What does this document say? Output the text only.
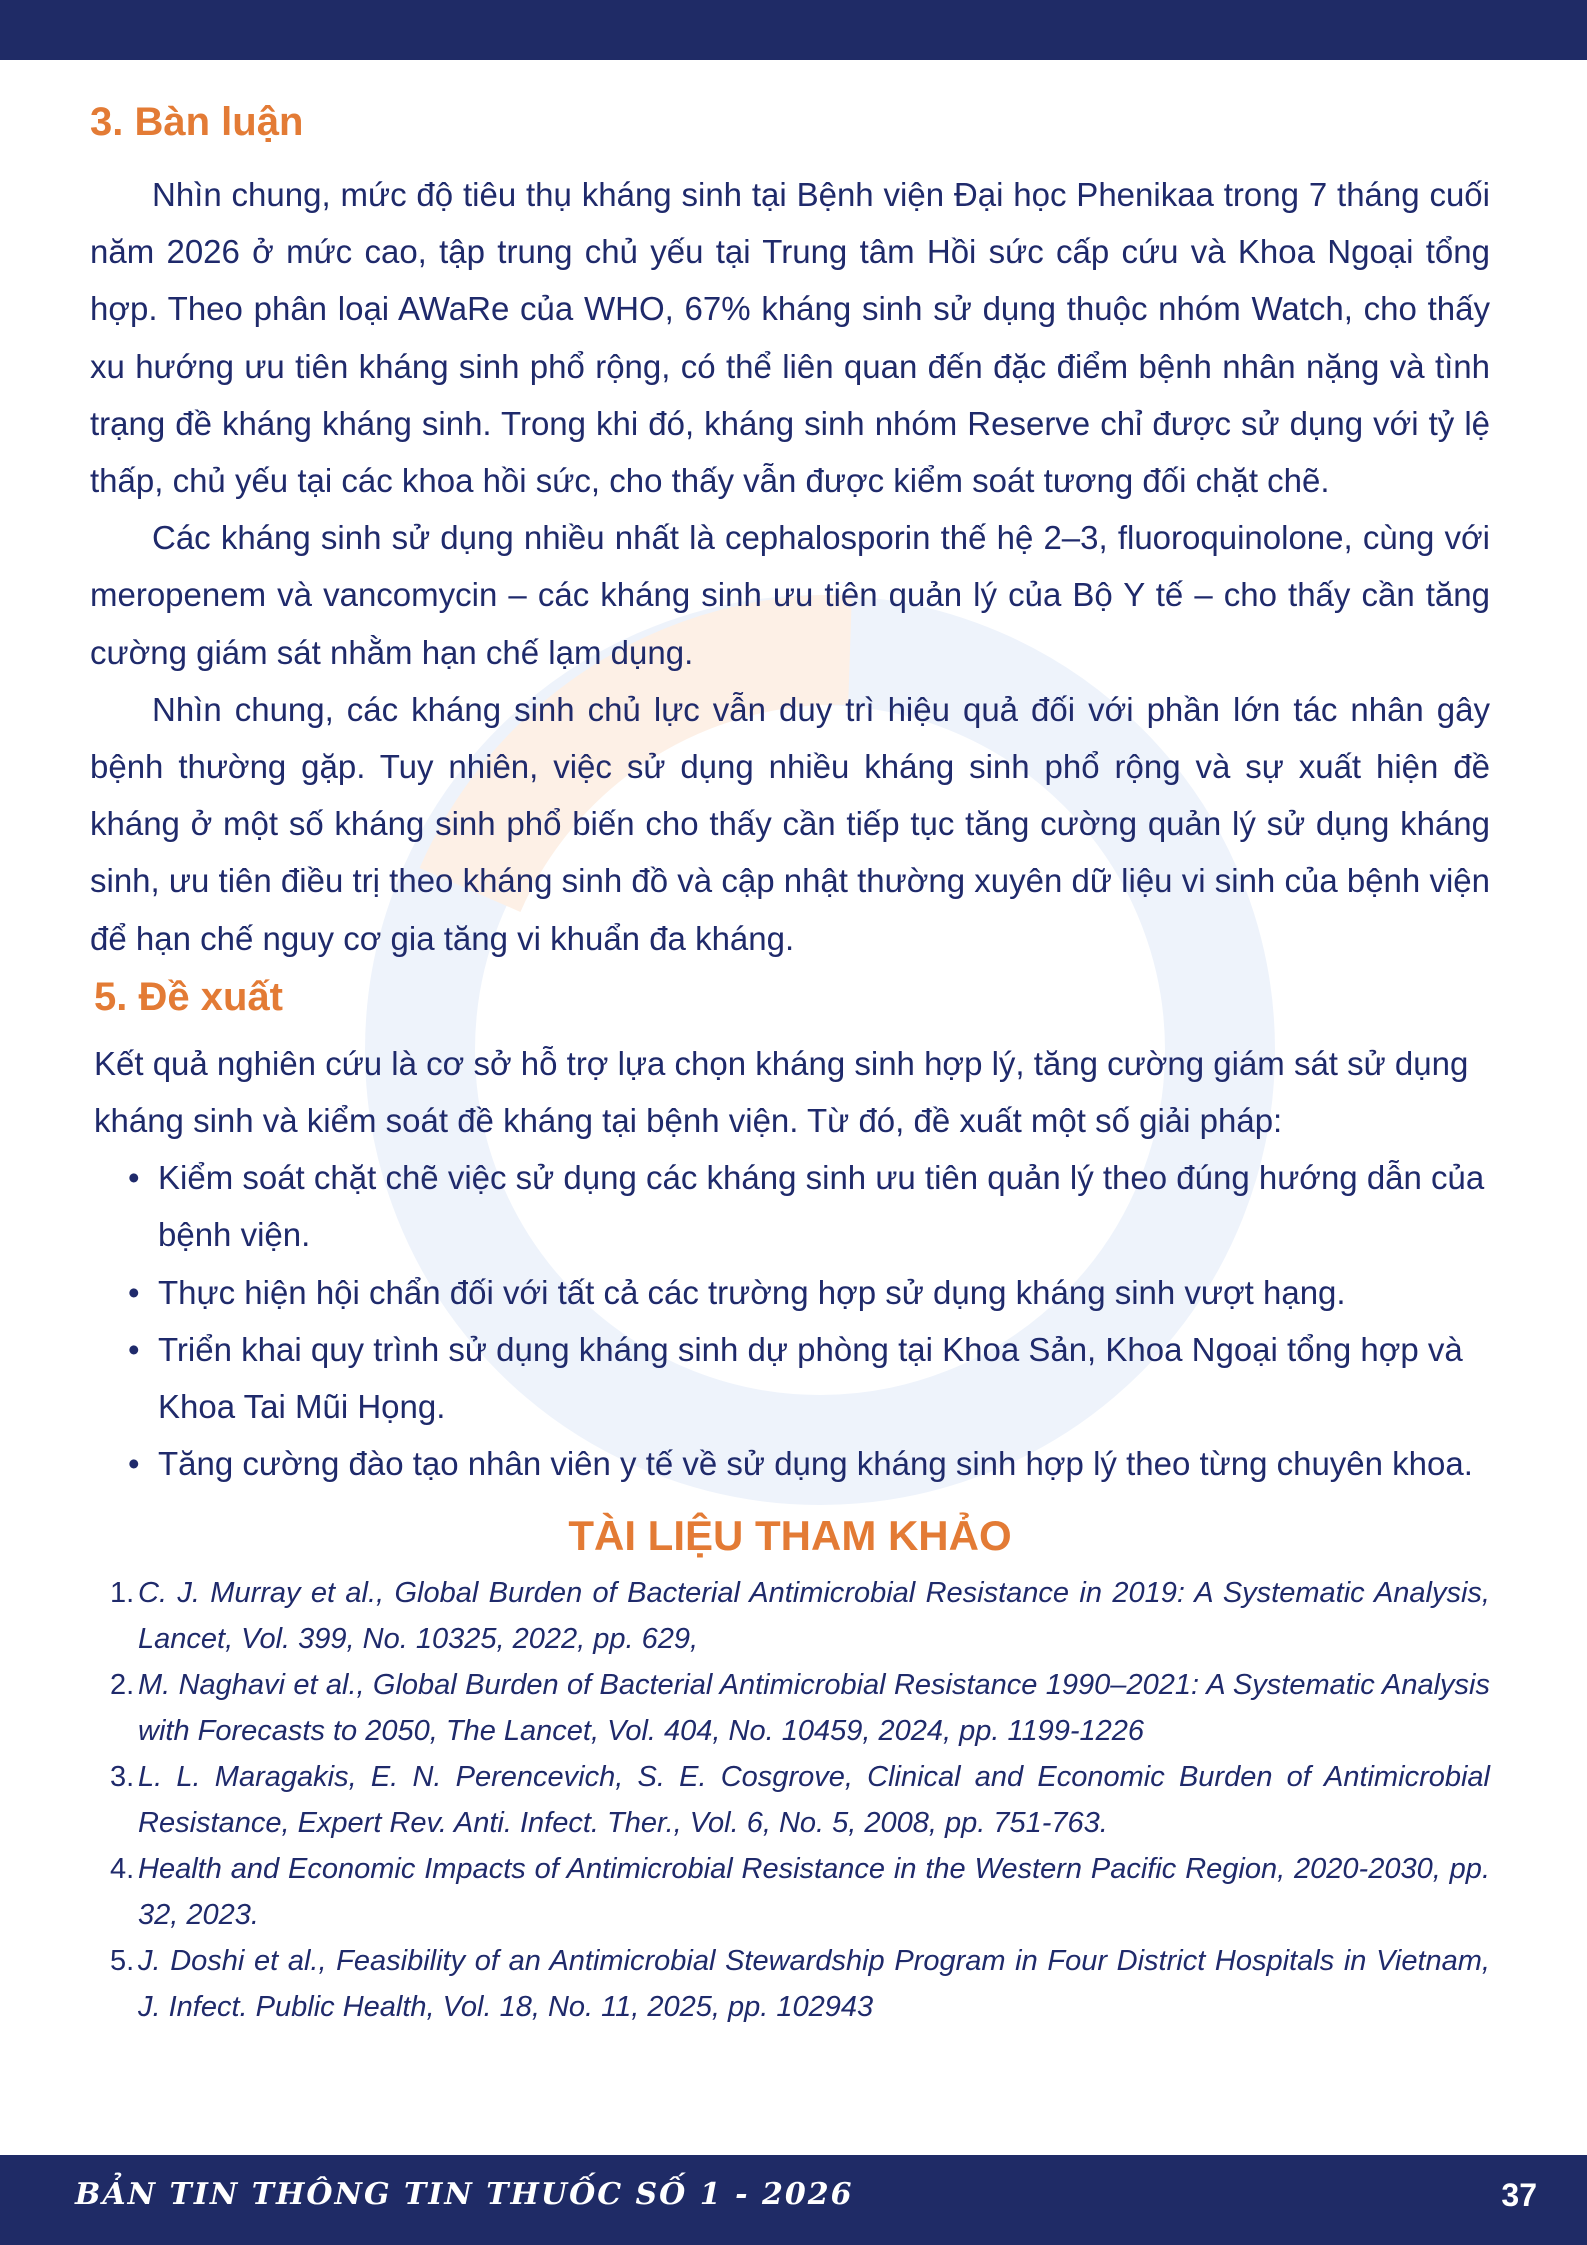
3. Bàn luận

Nhìn chung, mức độ tiêu thụ kháng sinh tại Bệnh viện Đại học Phenikaa trong 7 tháng cuối năm 2026 ở mức cao, tập trung chủ yếu tại Trung tâm Hồi sức cấp cứu và Khoa Ngoại tổng hợp. Theo phân loại AWaRe của WHO, 67% kháng sinh sử dụng thuộc nhóm Watch, cho thấy xu hướng ưu tiên kháng sinh phổ rộng, có thể liên quan đến đặc điểm bệnh nhân nặng và tình trạng đề kháng kháng sinh. Trong khi đó, kháng sinh nhóm Reserve chỉ được sử dụng với tỷ lệ thấp, chủ yếu tại các khoa hồi sức, cho thấy vẫn được kiểm soát tương đối chặt chẽ.

Các kháng sinh sử dụng nhiều nhất là cephalosporin thế hệ 2–3, fluoroquinolone, cùng với meropenem và vancomycin – các kháng sinh ưu tiên quản lý của Bộ Y tế – cho thấy cần tăng cường giám sát nhằm hạn chế lạm dụng.

Nhìn chung, các kháng sinh chủ lực vẫn duy trì hiệu quả đối với phần lớn tác nhân gây bệnh thường gặp. Tuy nhiên, việc sử dụng nhiều kháng sinh phổ rộng và sự xuất hiện đề kháng ở một số kháng sinh phổ biến cho thấy cần tiếp tục tăng cường quản lý sử dụng kháng sinh, ưu tiên điều trị theo kháng sinh đồ và cập nhật thường xuyên dữ liệu vi sinh của bệnh viện để hạn chế nguy cơ gia tăng vi khuẩn đa kháng.

5. Đề xuất

Kết quả nghiên cứu là cơ sở hỗ trợ lựa chọn kháng sinh hợp lý, tăng cường giám sát sử dụng kháng sinh và kiểm soát đề kháng tại bệnh viện. Từ đó, đề xuất một số giải pháp:

• Kiểm soát chặt chẽ việc sử dụng các kháng sinh ưu tiên quản lý theo đúng hướng dẫn của bệnh viện.
• Thực hiện hội chẩn đối với tất cả các trường hợp sử dụng kháng sinh vượt hạng.
• Triển khai quy trình sử dụng kháng sinh dự phòng tại Khoa Sản, Khoa Ngoại tổng hợp và Khoa Tai Mũi Họng.
• Tăng cường đào tạo nhân viên y tế về sử dụng kháng sinh hợp lý theo từng chuyên khoa.
TÀI LIỆU THAM KHẢO
1. C. J. Murray et al., Global Burden of Bacterial Antimicrobial Resistance in 2019: A Systematic Analysis, Lancet, Vol. 399, No. 10325, 2022, pp. 629,
2. M. Naghavi et al., Global Burden of Bacterial Antimicrobial Resistance 1990–2021: A Systematic Analysis with Forecasts to 2050, The Lancet, Vol. 404, No. 10459, 2024, pp. 1199-1226
3. L. L. Maragakis, E. N. Perencevich, S. E. Cosgrove, Clinical and Economic Burden of Antimicrobial Resistance, Expert Rev. Anti. Infect. Ther., Vol. 6, No. 5, 2008, pp. 751-763.
4. Health and Economic Impacts of Antimicrobial Resistance in the Western Pacific Region, 2020-2030, pp. 32, 2023.
5. J. Doshi et al., Feasibility of an Antimicrobial Stewardship Program in Four District Hospitals in Vietnam, J. Infect. Public Health, Vol. 18, No. 11, 2025, pp. 102943
BẢN TIN THÔNG TIN THUỐC SỐ 1 - 2026	37
